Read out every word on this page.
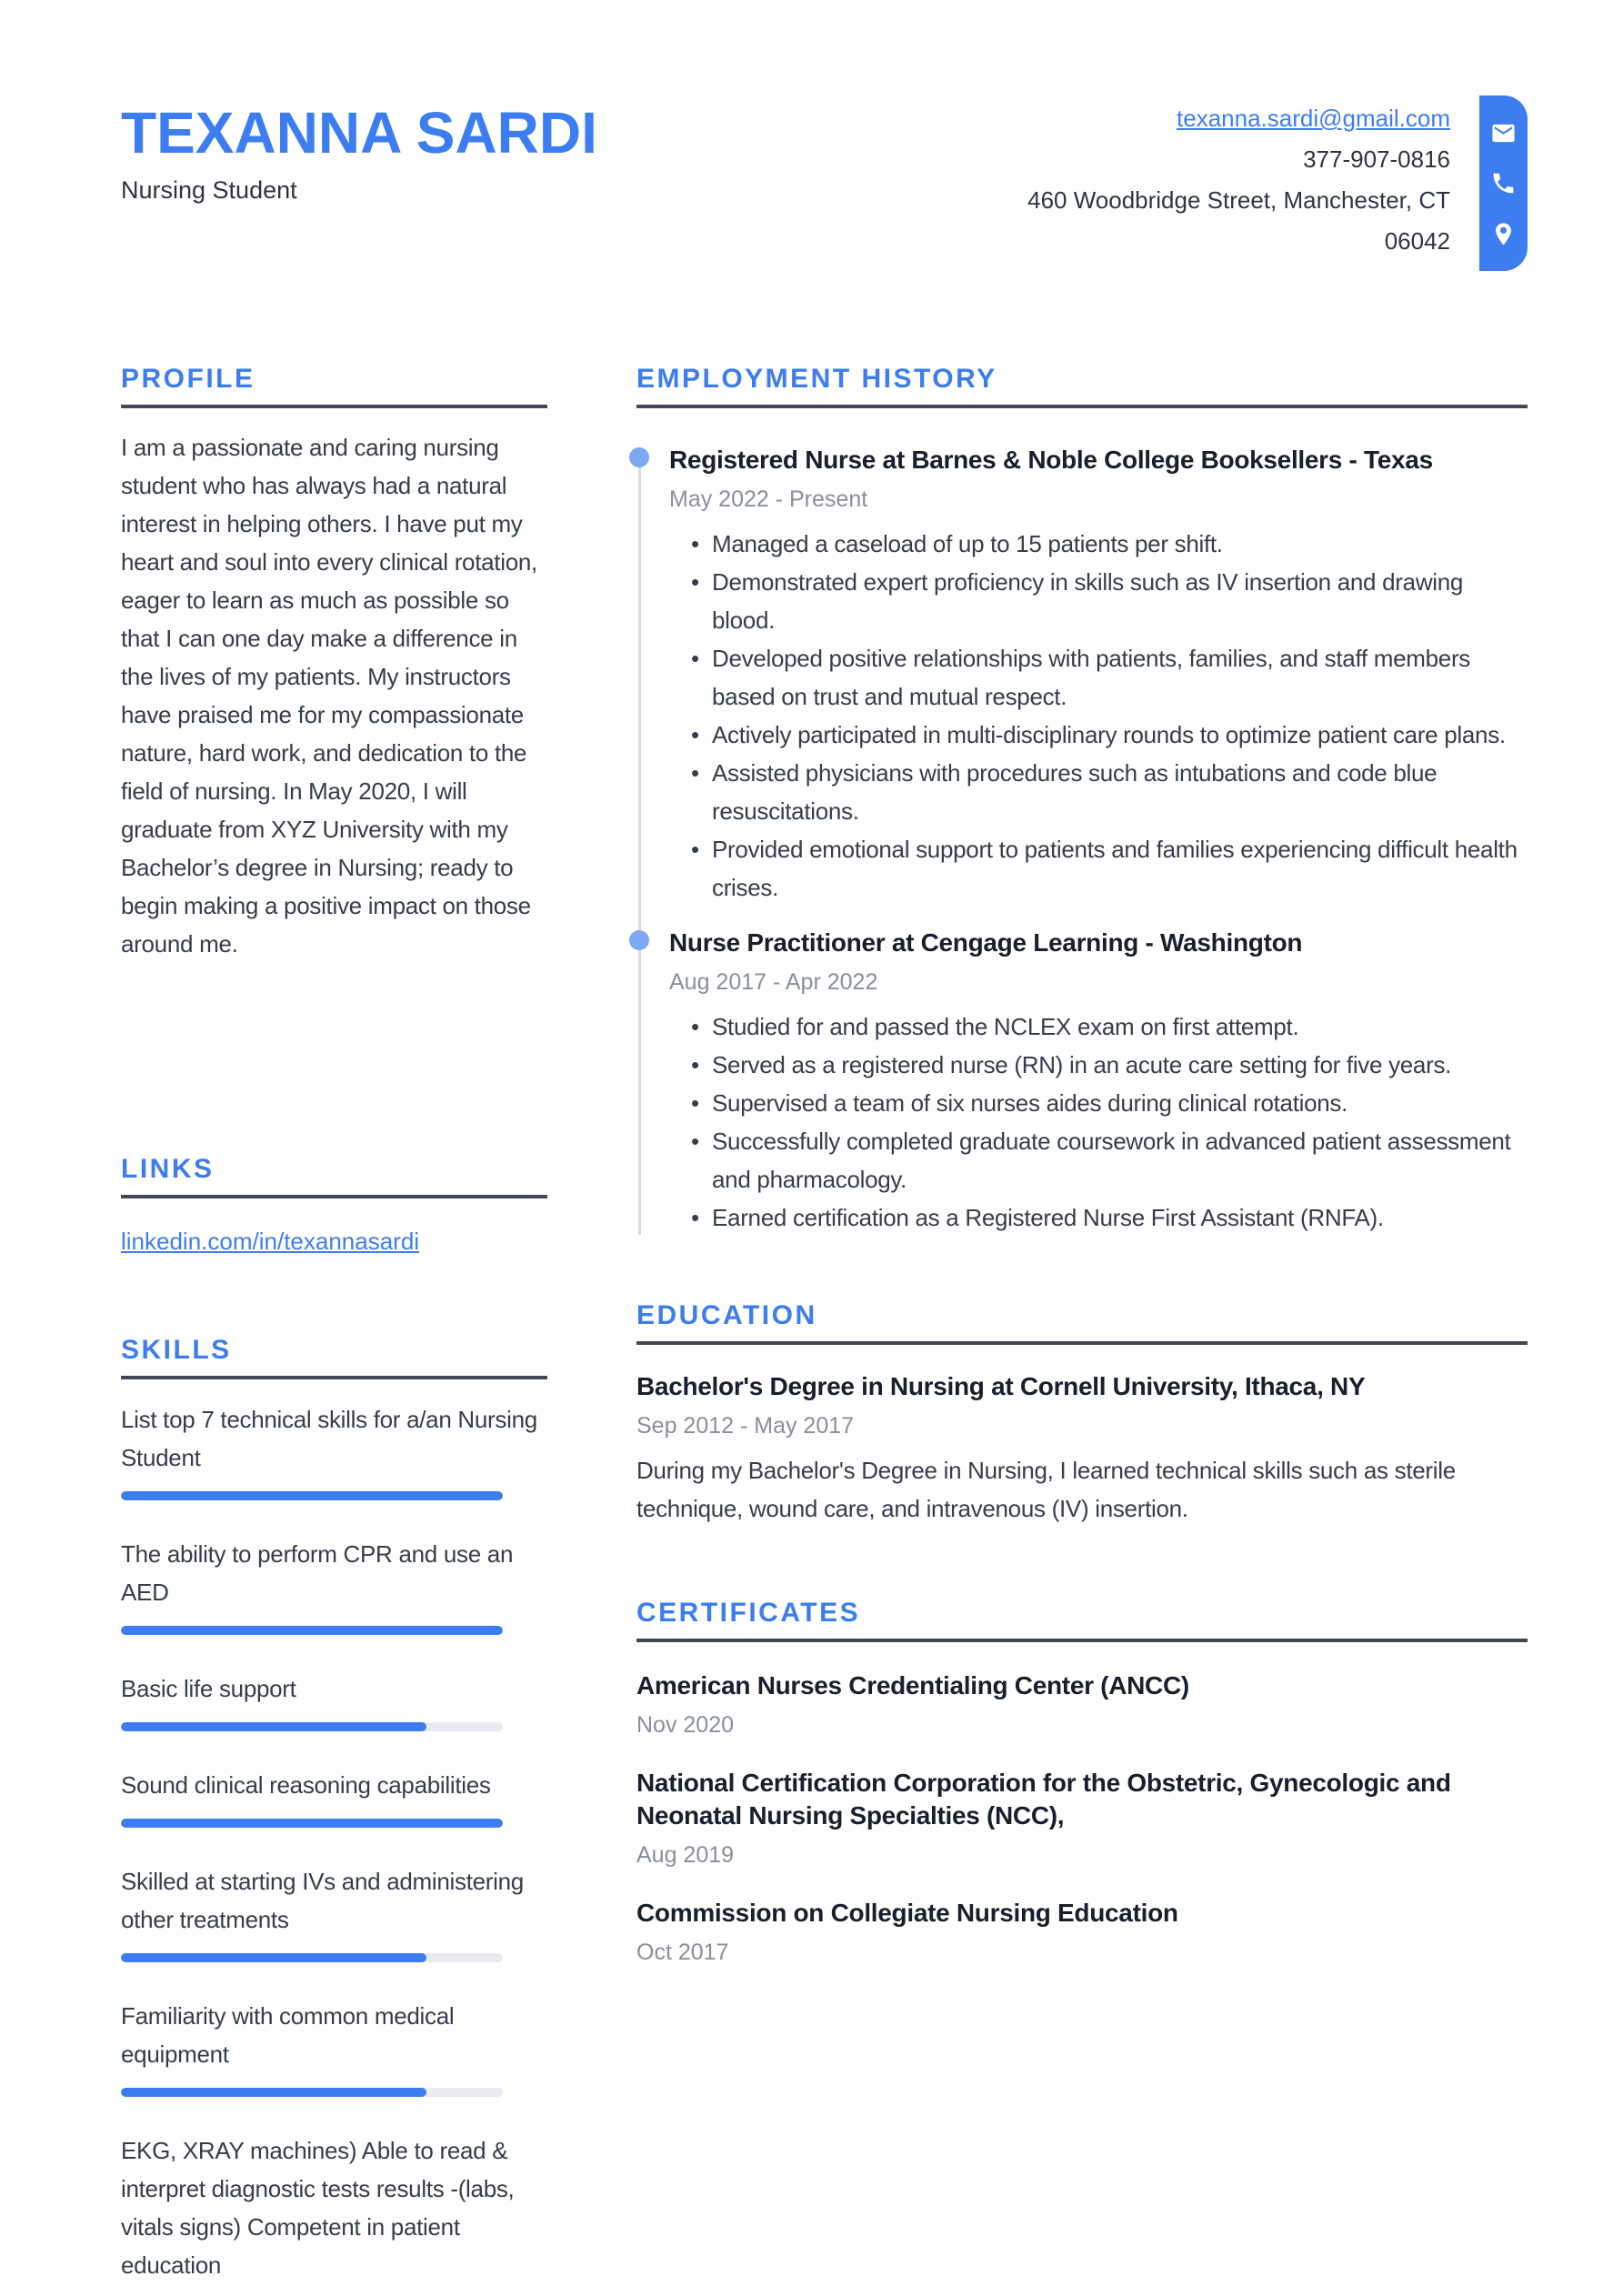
TEXANNA SARDI
Nursing Student
texanna.sardi@gmail.com
377-907-0816
460 Woodbridge Street, Manchester, CT
06042
PROFILE

I am a passionate and caring nursing student who has always had a natural interest in helping others. I have put my heart and soul into every clinical rotation, eager to learn as much as possible so that I can one day make a difference in the lives of my patients. My instructors have praised me for my compassionate nature, hard work, and dedication to the field of nursing. In May 2020, I will graduate from XYZ University with my Bachelor’s degree in Nursing; ready to begin making a positive impact on those around me.

LINKS
linkedin.com/in/texannasardi
SKILLS
List top 7 technical skills for a/an Nursing Student
The ability to perform CPR and use an AED
Basic life support
Sound clinical reasoning capabilities
Skilled at starting IVs and administering other treatments
Familiarity with common medical equipment
EKG, XRAY machines) Able to read & interpret diagnostic tests results -(labs, vitals signs) Competent in patient education
EMPLOYMENT HISTORY
Registered Nurse at Barnes & Noble College Booksellers - Texas
May 2022 - Present
• Managed a caseload of up to 15 patients per shift.
• Demonstrated expert proficiency in skills such as IV insertion and drawing blood.
• Developed positive relationships with patients, families, and staff members based on trust and mutual respect.
• Actively participated in multi-disciplinary rounds to optimize patient care plans.
• Assisted physicians with procedures such as intubations and code blue resuscitations.
• Provided emotional support to patients and families experiencing difficult health crises.
Nurse Practitioner at Cengage Learning - Washington
Aug 2017 - Apr 2022
• Studied for and passed the NCLEX exam on first attempt.
• Served as a registered nurse (RN) in an acute care setting for five years.
• Supervised a team of six nurses aides during clinical rotations.
• Successfully completed graduate coursework in advanced patient assessment and pharmacology.
• Earned certification as a Registered Nurse First Assistant (RNFA).
EDUCATION
Bachelor's Degree in Nursing at Cornell University, Ithaca, NY
Sep 2012 - May 2017

During my Bachelor's Degree in Nursing, I learned technical skills such as sterile technique, wound care, and intravenous (IV) insertion.

CERTIFICATES
American Nurses Credentialing Center (ANCC)
Nov 2020
National Certification Corporation for the Obstetric, Gynecologic and Neonatal Nursing Specialties (NCC),
Aug 2019
Commission on Collegiate Nursing Education
Oct 2017
